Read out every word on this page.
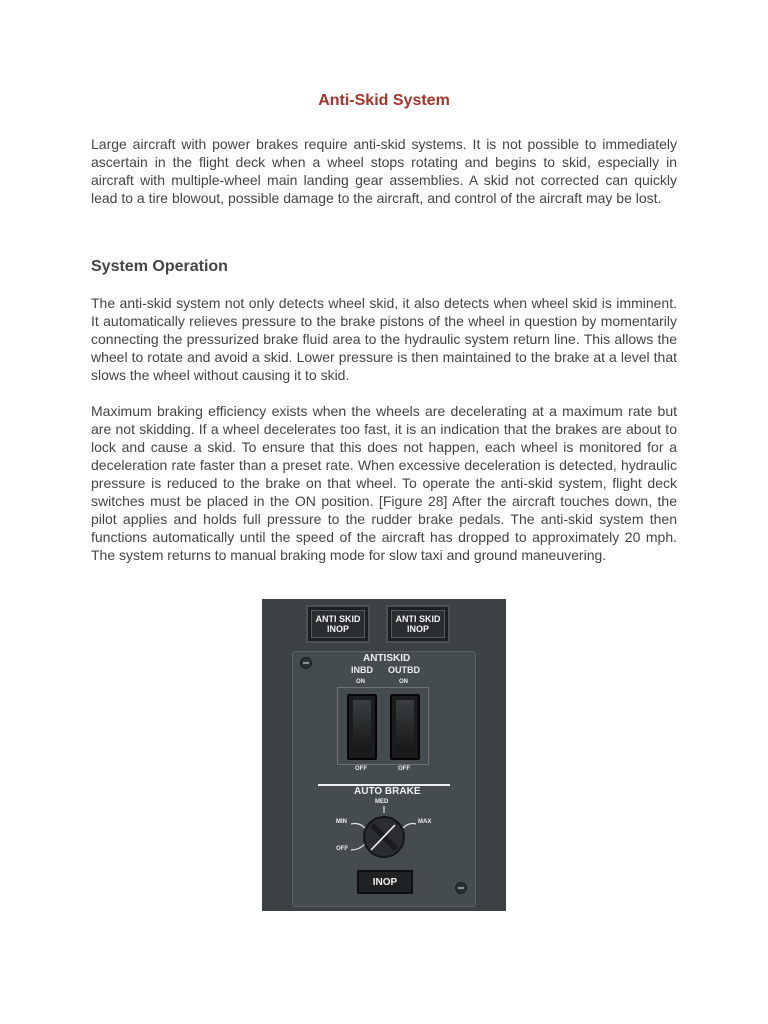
Anti-Skid System

Large aircraft with power brakes require anti-skid systems. It is not possible to immediately ascertain in the flight deck when a wheel stops rotating and begins to skid, especially in aircraft with multiple-wheel main landing gear assemblies. A skid not corrected can quickly lead to a tire blowout, possible damage to the aircraft, and control of the aircraft may be lost.

System Operation

The anti-skid system not only detects wheel skid, it also detects when wheel skid is imminent. It automatically relieves pressure to the brake pistons of the wheel in question by momentarily connecting the pressurized brake fluid area to the hydraulic system return line. This allows the wheel to rotate and avoid a skid. Lower pressure is then maintained to the brake at a level that slows the wheel without causing it to skid.

Maximum braking efficiency exists when the wheels are decelerating at a maximum rate but are not skidding. If a wheel decelerates too fast, it is an indication that the brakes are about to lock and cause a skid. To ensure that this does not happen, each wheel is monitored for a deceleration rate faster than a preset rate. When excessive deceleration is detected, hydraulic pressure is reduced to the brake on that wheel. To operate the anti-skid system, flight deck switches must be placed in the ON position. [Figure 28] After the aircraft touches down, the pilot applies and holds full pressure to the rudder brake pedals. The anti-skid system then functions automatically until the speed of the aircraft has dropped to approximately 20 mph. The system returns to manual braking mode for slow taxi and ground maneuvering.

ANTI SKID
INOP
ANTI SKID
INOP
ANTISKID
INBD OUTBD
ON	ON
OFF	OFF
AUTO BRAKE
MED
MIN	MAX
OFF
INOP
